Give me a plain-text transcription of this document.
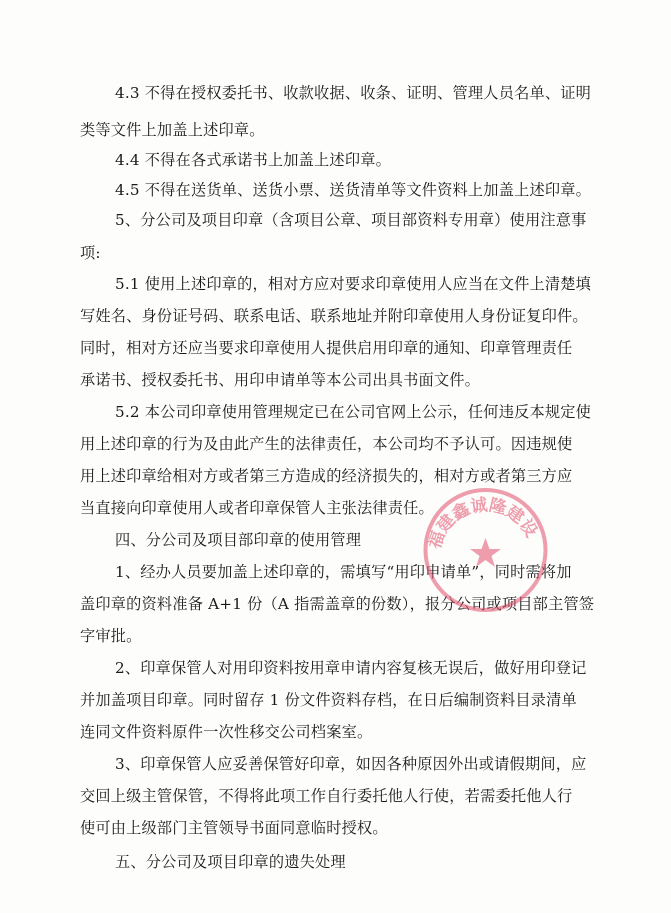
4.3 不得在授权委托书、收款收据、收条、证明、管理人员名单、证明
类等文件上加盖上述印章。
4.4 不得在各式承诺书上加盖上述印章。
4.5 不得在送货单、送货小票、送货清单等文件资料上加盖上述印章。
5、分公司及项目印章（含项目公章、项目部资料专用章）使用注意事
项:
5.1 使用上述印章的，相对方应对要求印章使用人应当在文件上清楚填
写姓名、身份证号码、联系电话、联系地址并附印章使用人身份证复印件。
同时，相对方还应当要求印章使用人提供启用印章的通知、印章管理责任
承诺书、授权委托书、用印申请单等本公司出具书面文件。
5.2 本公司印章使用管理规定已在公司官网上公示，任何违反本规定使
用上述印章的行为及由此产生的法律责任，本公司均不予认可。因违规使
用上述印章给相对方或者第三方造成的经济损失的，相对方或者第三方应
当直接向印章使用人或者印章保管人主张法律责任。
四、分公司及项目部印章的使用管理
1、经办人员要加盖上述印章的，需填写“用印申请单”，同时需将加
盖印章的资料准备 A+1 份（A 指需盖章的份数），报分公司或项目部主管签
字审批。
2、印章保管人对用印资料按用章申请内容复核无误后，做好用印登记
并加盖项目印章。同时留存 1 份文件资料存档，在日后编制资料目录清单
连同文件资料原件一次性移交公司档案室。
3、印章保管人应妥善保管好印章，如因各种原因外出或请假期间，应
交回上级主管保管，不得将此项工作自行委托他人行使，若需委托他人行
使可由上级部门主管领导书面同意临时授权。
五、分公司及项目印章的遗失处理
福建鑫诚隆建设
